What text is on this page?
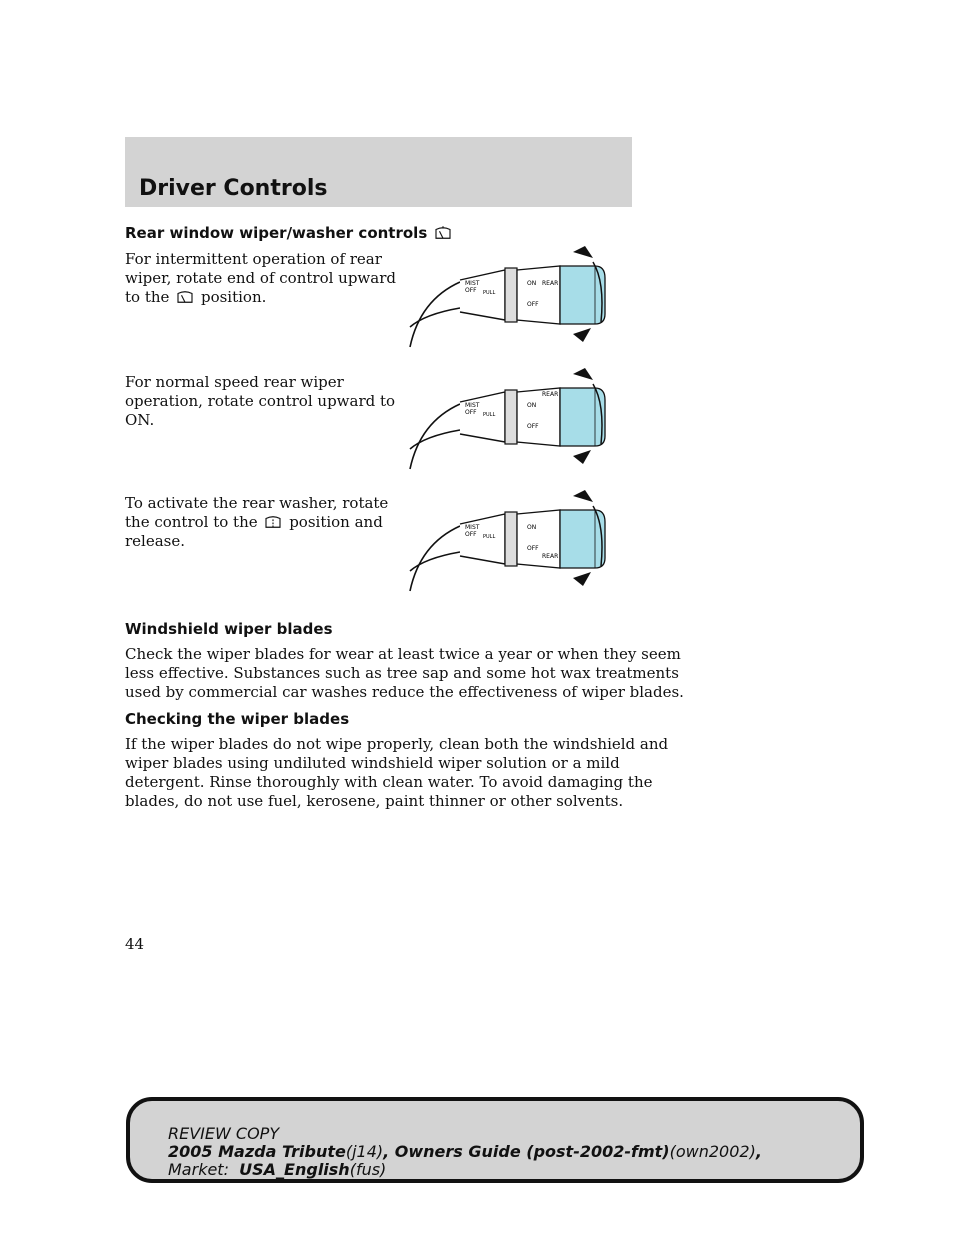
Driver Controls
Rear window wiper/washer controls

For intermittent operation of rear
wiper, rotate end of control upward
to the position.

For normal speed rear wiper
operation, rotate control upward to
ON.

To activate the rear washer, rotate
the control to the position and
release.

MIST
OFF PULL
ON
OFF
REAR
MIST
OFF PULL
ON
OFF
REAR
MIST
OFF PULL
ON
OFF
REAR
Windshield wiper blades

Check the wiper blades for wear at least twice a year or when they seem
less effective. Substances such as tree sap and some hot wax treatments
used by commercial car washes reduce the effectiveness of wiper blades.

Checking the wiper blades

If the wiper blades do not wipe properly, clean both the windshield and
wiper blades using undiluted windshield wiper solution or a mild
detergent. Rinse thoroughly with clean water. To avoid damaging the
blades, do not use fuel, kerosene, paint thinner or other solvents.

44

REVIEW COPY
2005 Mazda Tribute(j14), Owners Guide (post-2002-fmt)(own2002),
Market: USA_English(fus)
